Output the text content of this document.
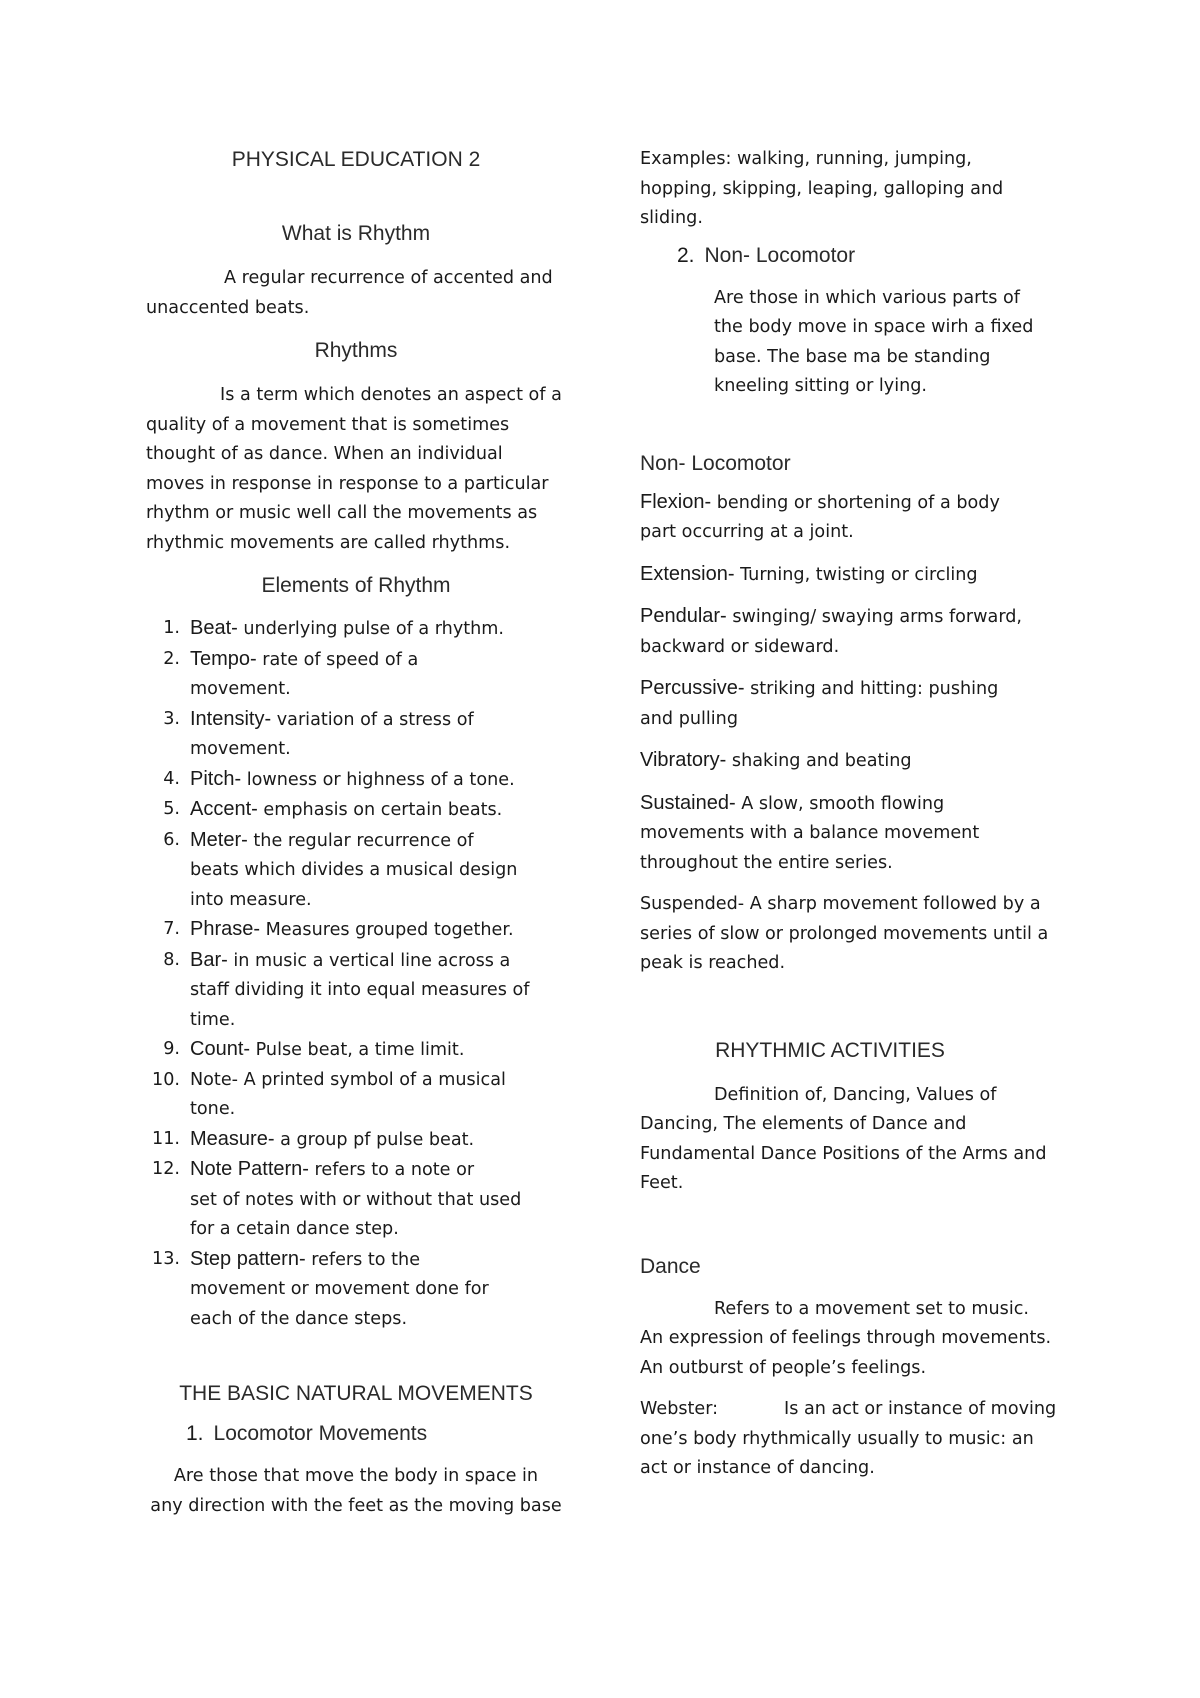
PHYSICAL EDUCATION 2

What is Rhythm

A regular recurrence of accented and

unaccented beats.

Rhythms

Is a term which denotes an aspect of a

quality of a movement that is sometimes

thought of as dance. When an individual

moves in response in response to a particular

rhythm or music well call the movements as

rhythmic movements are called rhythms.

Elements of Rhythm

1. Beat- underlying pulse of a rhythm.
2. Tempo- rate of speed of a
movement.
3. Intensity- variation of a stress of
movement.
4. Pitch- lowness or highness of a tone.
5. Accent- emphasis on certain beats.
6. Meter- the regular recurrence of
beats which divides a musical design
into measure.
7. Phrase- Measures grouped together.
8. Bar- in music a vertical line across a
staff dividing it into equal measures of
time.
9. Count- Pulse beat, a time limit.
10. Note- A printed symbol of a musical
tone.
11. Measure- a group pf pulse beat.
12. Note Pattern- refers to a note or
set of notes with or without that used
for a cetain dance step.
13. Step pattern- refers to the
movement or movement done for
each of the dance steps.

THE BASIC NATURAL MOVEMENTS

1. Locomotor Movements

Are those that move the body in space in

any direction with the feet as the moving base

Examples: walking, running, jumping,

hopping, skipping, leaping, galloping and

sliding.

2. Non- Locomotor

Are those in which various parts of

the body move in space wirh a fixed

base. The base ma be standing

kneeling sitting or lying.

Non- Locomotor

Flexion- bending or shortening of a body
part occurring at a joint.

Extension- Turning, twisting or circling

Pendular- swinging/ swaying arms forward,
backward or sideward.

Percussive- striking and hitting: pushing
and pulling

Vibratory- shaking and beating

Sustained- A slow, smooth flowing
movements with a balance movement
throughout the entire series.

Suspended- A sharp movement followed by a

series of slow or prolonged movements until a

peak is reached.

RHYTHMIC ACTIVITIES

Definition of, Dancing, Values of

Dancing, The elements of Dance and

Fundamental Dance Positions of the Arms and

Feet.

Dance

Refers to a movement set to music.

An expression of feelings through movements.

An outburst of people’s feelings.

Webster:	Is an act or instance of moving

one’s body rhythmically usually to music: an

act or instance of dancing.
